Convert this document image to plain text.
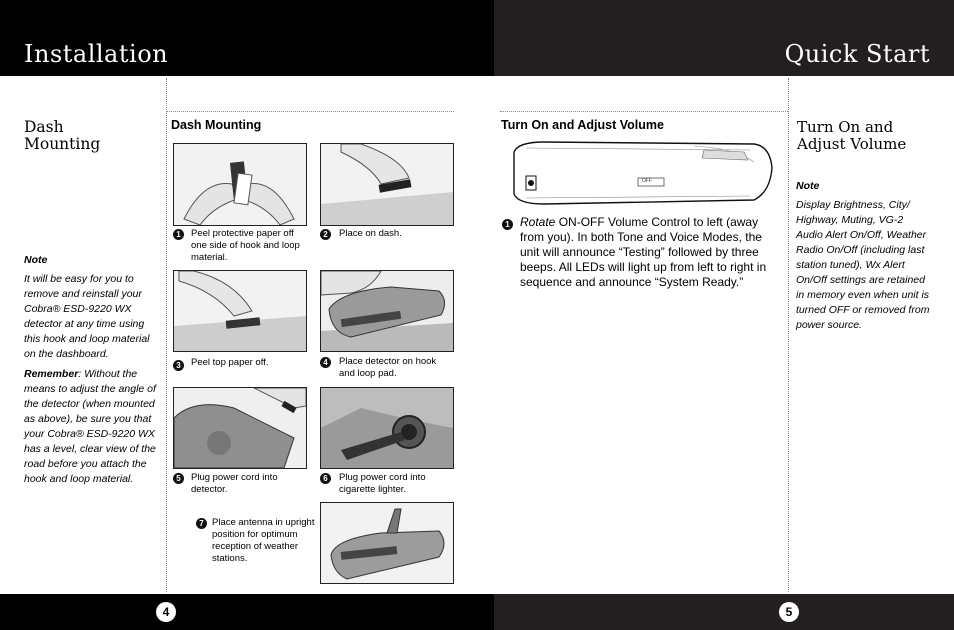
Installation	Quick Start
Dash Mounting
Note
It will be easy for you to remove and reinstall your Cobra® ESD-9220 WX detector at any time using this hook and loop material on the dashboard.
Remember: Without the means to adjust the angle of the detector (when mounted as above), be sure you that your Cobra® ESD-9220 WX has a level, clear view of the road before you attach the hook and loop material.
Dash Mounting
1	Peel protective paper off one side of hook and loop material.
2	Place on dash.
3	Peel top paper off.	4	Place detector on hook and loop pad.
5	Plug power cord into detector.
6	Plug power cord into cigarette lighter.
7 Place antenna in upright position for optimum reception of weather stations.
Turn On and Adjust Volume
OFF
1 Rotate ON-OFF Volume Control to left (away from you). In both Tone and Voice Modes, the unit will announce “Testing” followed by three beeps. All LEDs will light up from left to right in sequence and announce “System Ready.”
Turn On and Adjust Volume
Note
Display Brightness, City/ Highway, Muting, VG-2 Audio Alert On/Off, Weather Radio On/Off (including last station tuned), Wx Alert On/Off settings are retained in memory even when unit is turned OFF or removed from power source.
4	5
